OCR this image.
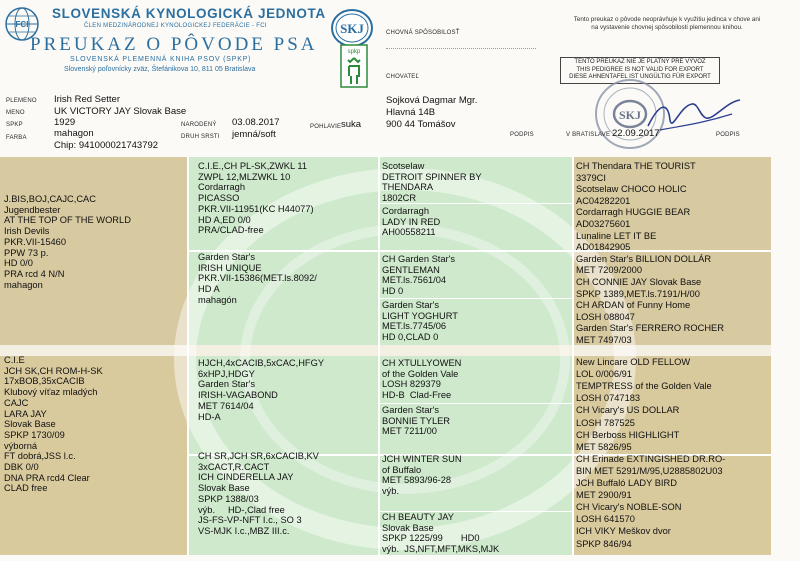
FCI
SLOVENSKÁ KYNOLOGICKÁ JEDNOTA
ČLEN MEDZINÁRODNEJ KYNOLOGICKEJ FEDERÁCIE - FCI
PREUKAZ O PÔVODE PSA
SLOVENSKÁ PLEMENNÁ KNIHA PSOV (SPKP)
Slovenský poľovnícky zväz, Štefánikova 10, 811 05 Bratislava
SKJ
spkp
CHOVNÁ SPÔSOBILOSŤ
CHOVATEĽ
Tento preukaz o pôvode neoprávňuje k využitiu jedinca v chove ani na vystavenie chovnej spôsobilosti plemennou knihou.
TENTO PREUKAZ NIE JE PLATNÝ PRE VÝVOZ
THIS PEDIGREE IS NOT VALID FOR EXPORT
DIESE AHNENTAFEL IST UNGÜLTIG FÜR EXPORT
SKJ
PLEMENO Irish Red Setter
MENO	UK VICTORY JAY Slovak Base
SPKP	1929
FARBA	mahagon
Chip: 941000021743792
NARODENÝ 03.08.2017
DRUH SRSTI jemná/soft
POHLAVIE suka
Sojková Dagmar Mgr.
Hlavná 14B
900 44 Tomášov
PODPIS	V BRATISLAVE 22.09.2017	PODPIS
J.BIS,BOJ,CAJC,CAC
Jugendbester
AT THE TOP OF THE WORLD
Irish Devils
PKR.VII-15460
PPW 73 p.
HD 0/0
PRA rcd 4 N/N
mahagon
C.I.E
JCH SK,CH ROM-H-SK
17xBOB,35xCACIB
Klubový víťaz mladých
CAJC
LARA JAY
Slovak Base
SPKP 1730/09
výborná
FT dobrá,JSS l.c.
DBK 0/0
DNA PRA rcd4 Clear
CLAD free
C.I.E.,CH PL-SK,ZWKL 11
ZWPL 12,MLZWKL 10
Cordarragh
PICASSO
PKR.VII-11951(KC H44077)
HD A,ED 0/0
PRA/CLAD-free
Garden Star's
IRISH UNIQUE
PKR.VII-15386(MET.ls.8092/
HD A
mahagón
HJCH,4xCACIB,5xCAC,HFGY
6xHPJ,HDGY
Garden Star's
IRISH-VAGABOND
MET 7614/04
HD-A
CH SR,JCH SR,6xCACIB,KV
3xCACT,R.CACT
ICH CINDERELLA JAY
Slovak Base
SPKP 1388/03
výb.     HD-,Clad free
JS-FS-VP-NFT I.c., SO 3
VS-MJK I.c.,MBZ III.c.
Scotselaw
DETROIT SPINNER BY
THENDARA
1802CR
Cordarragh
LADY IN RED
AH00558211
CH Garden Star's
GENTLEMAN
MET.ls.7561/04
HD 0
Garden Star's
LIGHT YOGHURT
MET.ls.7745/06
HD 0,CLAD 0
CH XTULLYOWEN
of the Golden Vale
LOSH 829379
HD-B  Clad-Free
Garden Star's
BONNIE TYLER
MET 7211/00
JCH WINTER SUN
of Buffalo
MET 5893/96-28
výb.
CH BEAUTY JAY
Slovak Base
SPKP 1225/99       HD0
výb.  JS,NFT,MFT,MKS,MJK
CH Thendara THE TOURIST
3379CI
Scotselaw CHOCO HOLIC
AC04282201
Cordarragh HUGGIE BEAR
AD03275601
Lunaline LET IT BE
AD01842905
Garden Star's BILLION DOLLÁR
MET 7209/2000
CH CONNIE JAY Slovak Base
SPKP 1389,MET.ls.7191/H/00
CH ARDAN of Funny Home
LOSH 088047
Garden Star's FERRERO ROCHER
MET 7497/03
New Lincare OLD FELLOW
LOL 0/006/91
TEMPTRESS of the Golden Vale
LOSH 0747183
CH Vicary's US DOLLAR
LOSH 787525
CH Berboss HIGHLIGHT
MET 5826/95
CH Erinade EXTINGISHED DR.RO-
BIN MET 5291/M/95,U2885802U03
JCH Buffaló LADY BIRD
MET 2900/91
CH Vicary's NOBLE-SON
LOSH 641570
ICH VIKY Meškov dvor
SPKP 846/94
